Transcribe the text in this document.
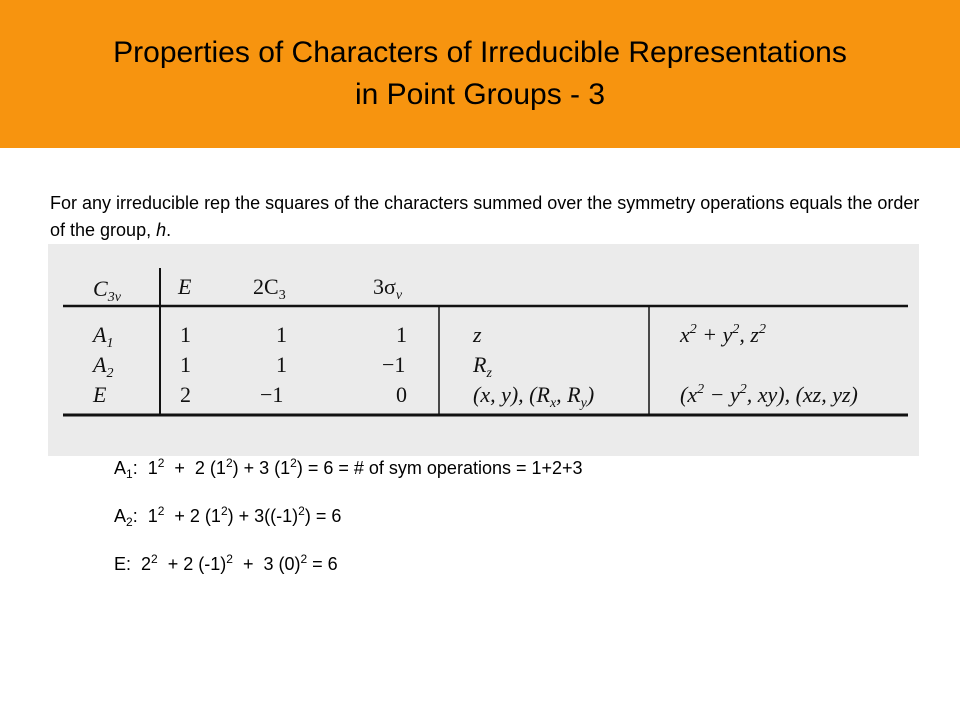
Properties of Characters of Irreducible Representations
in Point Groups - 3

For any irreducible rep the squares of the characters summed over the symmetry operations equals the order of the group, h.

$C_{3v}$	E	$2C_3$	$3\sigma_v$
$A_1$	1	1	1	z	$x^2 + y^2$, $z^2$
$A_2$	1	1	−1	$R_z$
E	2	−1	0	(x, y), ($R_x$, $R_y$)	($x^2 - y^2$, xy), (xz, yz)
$A_1$:  $1^2 + 2$ $(1^2) + 3$ $(1^2) = 6$ = # of sym operations = 1+2+3
$A_2$:  $1^2 + 2$ $(1^2) + 3((-1)^2) = 6$
E:  $2^2 + 2$ $(-1)^2 + 3$ $(0)^2 = 6$
